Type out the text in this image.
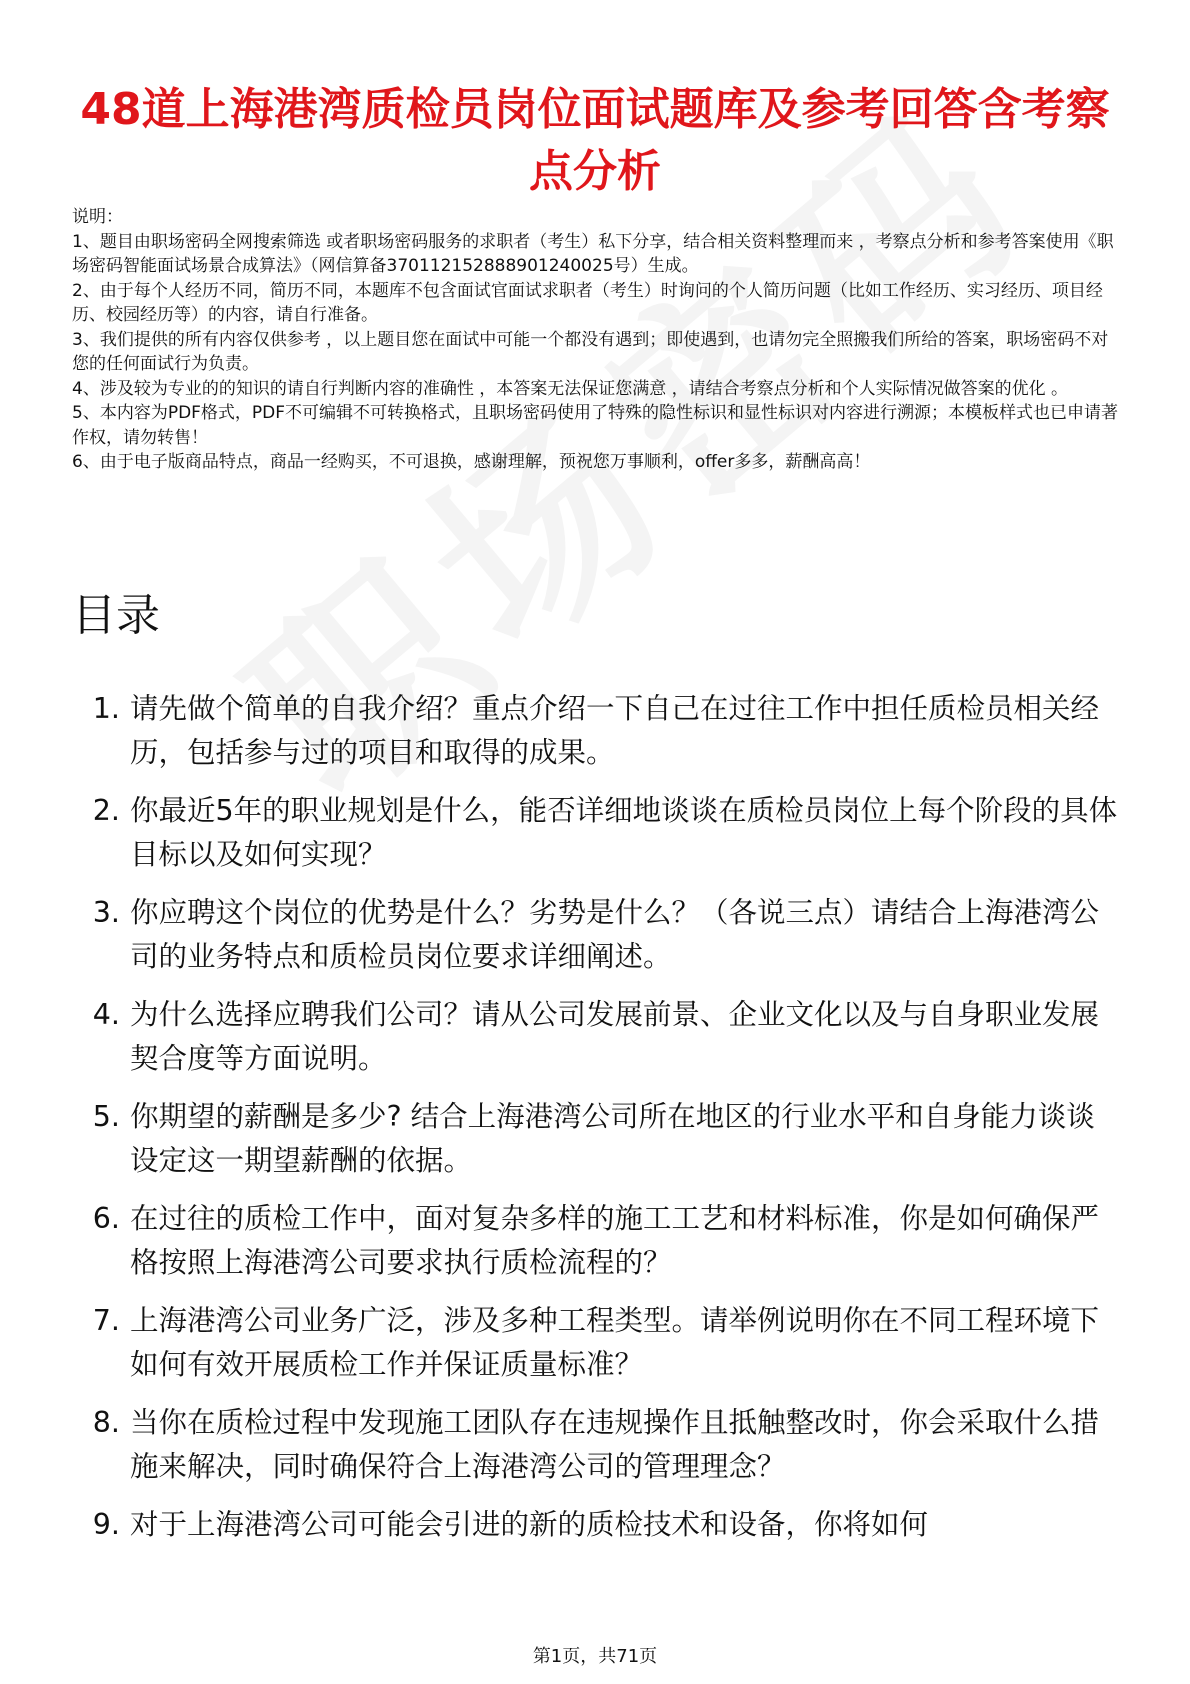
48道上海港湾质检员岗位面试题库及参考回答含考察点分析

说明：

1、题目由职场密码全网搜索筛选 或者职场密码服务的求职者（考生）私下分享，结合相关资料整理而来 ，考察点分析和参考答案使用《职场密码智能面试场景合成算法》（网信算备370112152888901240025号）生成。

2、由于每个人经历不同，简历不同，本题库不包含面试官面试求职者（考生）时询问的个人简历问题（比如工作经历、实习经历、项目经历、校园经历等）的内容，请自行准备。

3、我们提供的所有内容仅供参考 ，以上题目您在面试中可能一个都没有遇到；即使遇到，也请勿完全照搬我们所给的答案，职场密码不对您的任何面试行为负责。

4、涉及较为专业的的知识的请自行判断内容的准确性 ，本答案无法保证您满意 ，请结合考察点分析和个人实际情况做答案的优化 。

5、本内容为PDF格式，PDF不可编辑不可转换格式，且职场密码使用了特殊的隐性标识和显性标识对内容进行溯源；本模板样式也已申请著作权，请勿转售！

6、由于电子版商品特点，商品一经购买，不可退换，感谢理解，预祝您万事顺利，offer多多，薪酬高高！

目录
1. 请先做个简单的自我介绍？重点介绍一下自己在过往工作中担任质检员相关经历，包括参与过的项目和取得的成果。
2. 你最近5年的职业规划是什么，能否详细地谈谈在质检员岗位上每个阶段的具体目标以及如何实现？
3. 你应聘这个岗位的优势是什么？劣势是什么？（各说三点）请结合上海港湾公司的业务特点和质检员岗位要求详细阐述。
4. 为什么选择应聘我们公司？请从公司发展前景、企业文化以及与自身职业发展契合度等方面说明。
5. 你期望的薪酬是多少? 结合上海港湾公司所在地区的行业水平和自身能力谈谈设定这一期望薪酬的依据。
6. 在过往的质检工作中，面对复杂多样的施工工艺和材料标准，你是如何确保严格按照上海港湾公司要求执行质检流程的？
7. 上海港湾公司业务广泛，涉及多种工程类型。请举例说明你在不同工程环境下如何有效开展质检工作并保证质量标准？
8. 当你在质检过程中发现施工团队存在违规操作且抵触整改时，你会采取什么措施来解决，同时确保符合上海港湾公司的管理理念？
9. 对于上海港湾公司可能会引进的新的质检技术和设备，你将如何
第1页，共71页
